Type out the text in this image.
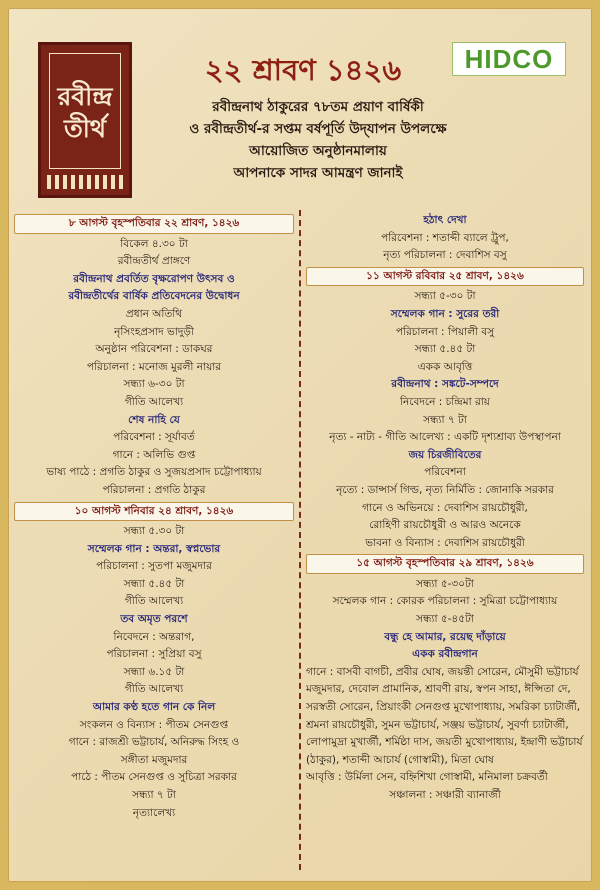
রবীন্দ্র
তীর্থ
২২ শ্রাবণ ১৪২৬	HIDCO
রবীন্দ্রনাথ ঠাকুরের ৭৮তম প্রয়াণ বার্ষিকী
ও রবীন্দ্রতীর্থ-র সপ্তম বর্ষপূর্তি উদ্‌যাপন উপলক্ষে
আয়োজিত অনুষ্ঠানমালায়
আপনাকে সাদর আমন্ত্রণ জানাই
৮ আগস্ট বৃহস্পতিবার ২২ শ্রাবণ, ১৪২৬
বিকেল ৪.৩০ টা
রবীন্দ্রতীর্থ প্রাঙ্গণে
রবীন্দ্রনাথ প্রবর্তিত বৃক্ষরোপণ উৎসব ও
রবীন্দ্রতীর্থের বার্ষিক প্রতিবেদনের উদ্বোধন
প্রধান অতিথি
নৃসিংহপ্রসাদ ভাদুড়ী
অনুষ্ঠান পরিবেশনা : ডাকঘর
পরিচালনা : মনোজ মুরলী নায়ার
সন্ধ্যা ৬-৩০ টা
গীতি আলেখ্য
শেষ নাহি যে
পরিবেশনা : সূর্যাবর্ত
গানে : অলিভি গুপ্ত
ভাষ্য পাঠে : প্রগতি ঠাকুর ও সুজয়প্রসাদ চট্টোপাধ্যায়
পরিচালনা : প্রগতি ঠাকুর
১০ আগস্ট শনিবার ২৪ শ্রাবণ, ১৪২৬
সন্ধ্যা ৫.৩০ টা
সম্মেলক গান : অন্তরা, স্বপ্নভোর
পরিচালনা : সুতপা মজুমদার
সন্ধ্যা ৫.৪৫ টা
গীতি আলেখ্য
তব অমৃত পরশে
নিবেদনে : অন্তরাগ,
পরিচালনা : সুপ্রিয়া বসু
সন্ধ্যা ৬.১৫ টা
গীতি আলেখ্য
আমার কণ্ঠ হতে গান কে নিল
সংকলন ও বিন্যাস : পীতম সেনগুপ্ত
গানে : রাজশ্রী ভট্টাচার্য, অনিরুদ্ধ সিংহ ও
সঙ্গীতা মজুমদার
পাঠে : পীতম সেনগুপ্ত ও সুচিত্রা সরকার
সন্ধ্যা ৭ টা
নৃত্যালেখ্য
হঠাৎ দেখা
পরিবেশনা : শতাব্দী ব্যালে ট্রুপ,
নৃত্য পরিচালনা : দেবাশিস বসু
১১ আগস্ট রবিবার ২৫ শ্রাবণ, ১৪২৬
সন্ধ্যা ৫-৩০ টা
সম্মেলক গান : সুরের তরী
পরিচালনা : পিয়ালী বসু
সন্ধ্যা ৫.৪৫ টা
একক আবৃত্তি
রবীন্দ্রনাথ : সঙ্কটে-সম্পদে
নিবেদনে : চন্দ্রিমা রায়
সন্ধ্যা ৭ টা
নৃত্য - নাট্য - গীতি আলেখ্য : একটি দৃশ্যশ্রাব্য উপস্থাপনা
জয় চিরজীবিতের
পরিবেশনা
নৃত্যে : ডান্সার্স গিল্ড, নৃত্য নির্মিতি : জোনাকি সরকার
গানে ও অভিনয়ে : দেবাশিস রায়চৌধুরী,
রোহিণী রায়চৌধুরী ও আরও অনেকে
ভাবনা ও বিন্যাস : দেবাশিস রায়চৌধুরী
১৫ আগস্ট বৃহস্পতিবার ২৯ শ্রাবণ, ১৪২৬
সন্ধ্যা ৫-৩০টা
সম্মেলক গান : কোরক পরিচালনা : সুমিত্রা চট্টোপাধ্যায়
সন্ধ্যা ৫-৪৫টা
বন্ধু হে আমার, রয়েছ দাঁড়ায়ে
একক রবীন্দ্রগান
গানে : বাসবী বাগচী, প্রবীর ঘোষ, জয়ন্তী সোরেন, মৌসুমী ভট্টাচার্য মজুমদার, দেবোল প্রামানিক, শ্রাবণী রায়, স্বপন সাহা, ঈপ্সিতা দে, সরস্বতী সোরেন, প্রিয়াংকী সেনগুপ্ত মুখোপাধ্যায়, সমরিকা চ্যাটার্জী, শ্রমনা রায়চৌধুরী, সুমন ভট্টাচার্য, সঞ্জয় ভট্টাচার্য, সুবর্ণা চ্যাটার্জী, লোপামুদ্রা মুখার্জী, শর্মিষ্ঠা দাস, জয়তী মুখোপাধ্যায়, ইন্দ্রাণী ভট্টাচার্য (ঠাকুর), শতাব্দী আচার্য (গোস্বামী), মিতা ঘোষ
আবৃত্তি : উর্মিলা সেন, বহ্নিশিখা গোস্বামী, মনিমালা চক্রবর্তী
সঞ্চালনা : সঞ্চারী ব্যানার্জী
